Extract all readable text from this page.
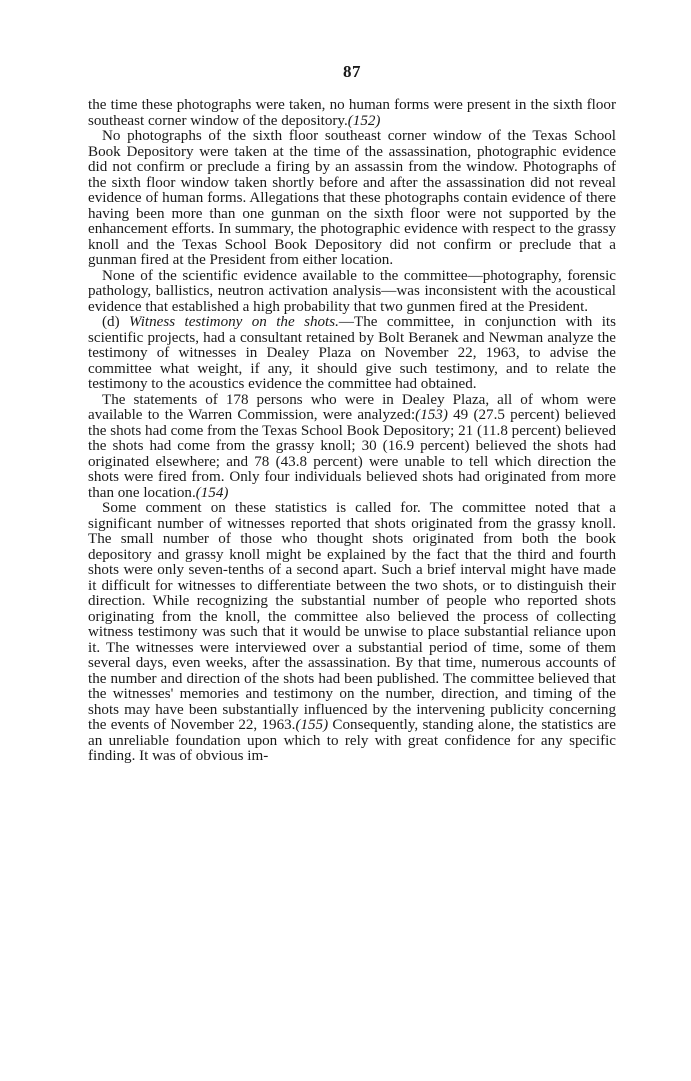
87

the time these photographs were taken, no human forms were present in the sixth floor southeast corner window of the depository.(152)

No photographs of the sixth floor southeast corner window of the Texas School Book Depository were taken at the time of the assassination, photographic evidence did not confirm or preclude a firing by an assassin from the window. Photographs of the sixth floor window taken shortly before and after the assassination did not reveal evidence of human forms. Allegations that these photographs contain evidence of there having been more than one gunman on the sixth floor were not supported by the enhancement efforts. In summary, the photographic evidence with respect to the grassy knoll and the Texas School Book Depository did not confirm or preclude that a gunman fired at the President from either location.

None of the scientific evidence available to the committee—photography, forensic pathology, ballistics, neutron activation analysis—was inconsistent with the acoustical evidence that established a high probability that two gunmen fired at the President.

(d) Witness testimony on the shots.—The committee, in conjunction with its scientific projects, had a consultant retained by Bolt Beranek and Newman analyze the testimony of witnesses in Dealey Plaza on November 22, 1963, to advise the committee what weight, if any, it should give such testimony, and to relate the testimony to the acoustics evidence the committee had obtained.

The statements of 178 persons who were in Dealey Plaza, all of whom were available to the Warren Commission, were analyzed:(153) 49 (27.5 percent) believed the shots had come from the Texas School Book Depository; 21 (11.8 percent) believed the shots had come from the grassy knoll; 30 (16.9 percent) believed the shots had originated elsewhere; and 78 (43.8 percent) were unable to tell which direction the shots were fired from. Only four individuals believed shots had originated from more than one location.(154)

Some comment on these statistics is called for. The committee noted that a significant number of witnesses reported that shots originated from the grassy knoll. The small number of those who thought shots originated from both the book depository and grassy knoll might be explained by the fact that the third and fourth shots were only seven-tenths of a second apart. Such a brief interval might have made it difficult for witnesses to differentiate between the two shots, or to distinguish their direction. While recognizing the substantial number of people who reported shots originating from the knoll, the committee also believed the process of collecting witness testimony was such that it would be unwise to place substantial reliance upon it. The witnesses were interviewed over a substantial period of time, some of them several days, even weeks, after the assassination. By that time, numerous accounts of the number and direction of the shots had been published. The committee believed that the witnesses' memories and testimony on the number, direction, and timing of the shots may have been substantially influenced by the intervening publicity concerning the events of November 22, 1963.(155) Consequently, standing alone, the statistics are an unreliable foundation upon which to rely with great confidence for any specific finding. It was of obvious im-
